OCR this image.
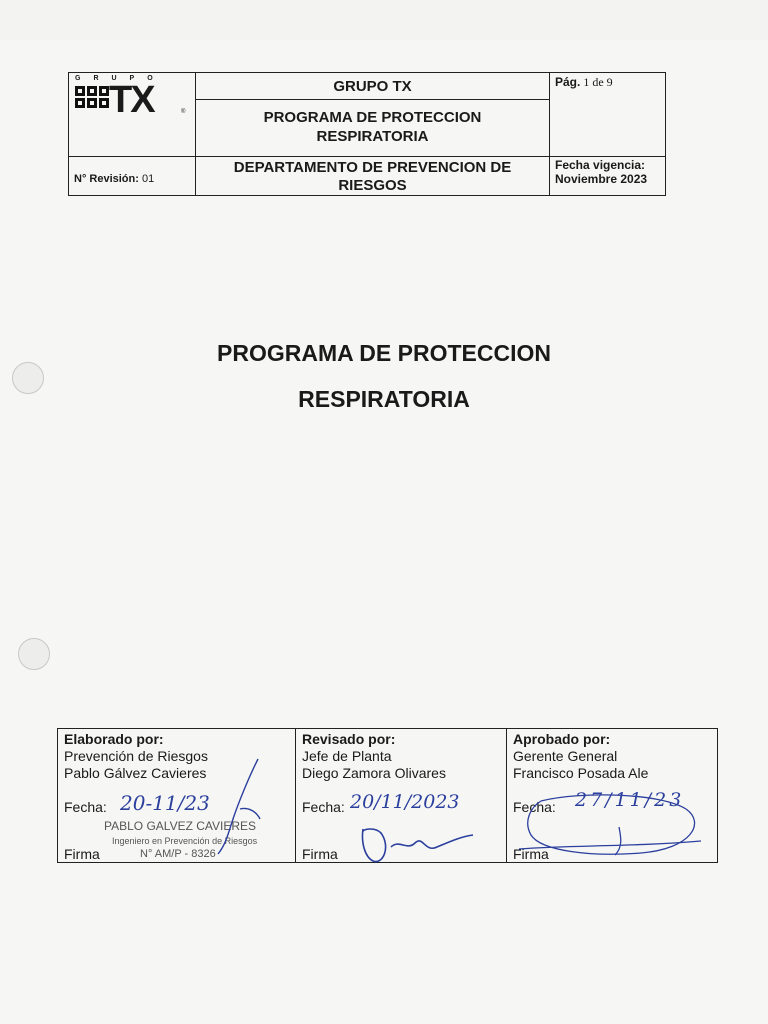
GRUPO
TX	®
GRUPO TX
PROGRAMA DE PROTECCION
RESPIRATORIA
Pág. 1 de 9
N° Revisión: 01
DEPARTAMENTO DE PREVENCION DE
RIESGOS
Fecha vigencia:
Noviembre 2023
PROGRAMA DE PROTECCION
RESPIRATORIA
Elaborado por:
Prevención de Riesgos
Pablo Gálvez Cavieres
Fecha: 20-11/23
PABLO GALVEZ CAVIERES
Ingeniero en Prevención de Riesgos
Firma	N° AM/P - 8326
Revisado por:
Jefe de Planta
Diego Zamora Olivares
Fecha: 20/11/2023
Firma
Aprobado por:
Gerente General
Francisco Posada Ale
Fecha: 27/11/23
Firma
